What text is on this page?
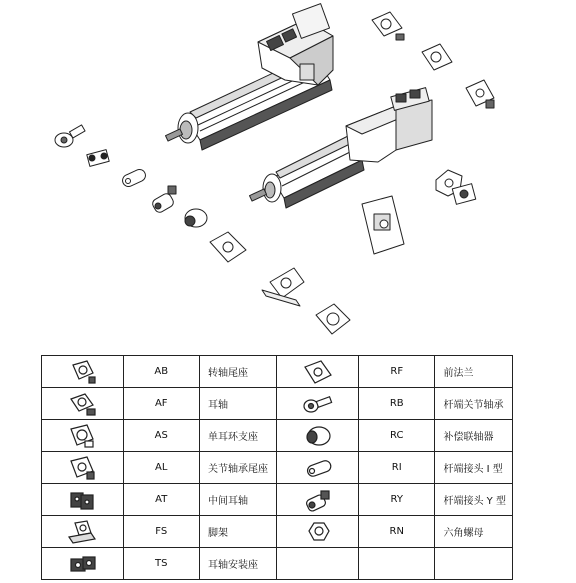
	AB	转轴尾座		RF	前法兰

	AF	耳轴		RB	杆端关节轴承

	AS	单耳环支座		RC	补偿联轴器

	AL	关节轴承尾座		RI	杆端接头 I 型

	AT	中间耳轴		RY	杆端接头 Y 型

	FS	脚架		RN	六角螺母

	TS	耳轴安装座			
